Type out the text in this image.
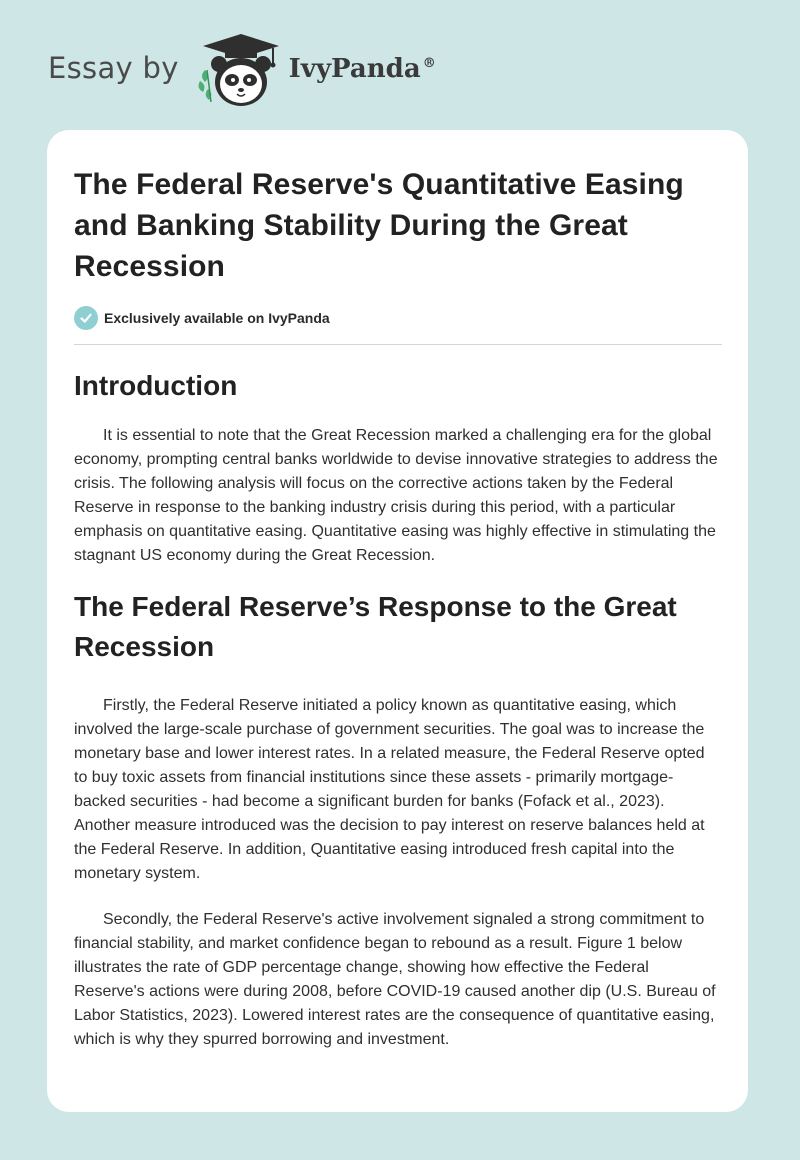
Essay by	IvyPanda ®
The Federal Reserve's Quantitative Easing and Banking Stability During the Great Recession
Exclusively available on IvyPanda
Introduction

It is essential to note that the Great Recession marked a challenging era for the global economy, prompting central banks worldwide to devise innovative strategies to address the crisis. The following analysis will focus on the corrective actions taken by the Federal Reserve in response to the banking industry crisis during this period, with a particular emphasis on quantitative easing. Quantitative easing was highly effective in stimulating the stagnant US economy during the Great Recession.

The Federal Reserve’s Response to the Great Recession

Firstly, the Federal Reserve initiated a policy known as quantitative easing, which involved the large-scale purchase of government securities. The goal was to increase the monetary base and lower interest rates. In a related measure, the Federal Reserve opted to buy toxic assets from financial institutions since these assets - primarily mortgage-backed securities - had become a significant burden for banks (Fofack et al., 2023). Another measure introduced was the decision to pay interest on reserve balances held at the Federal Reserve. In addition, Quantitative easing introduced fresh capital into the monetary system.

Secondly, the Federal Reserve's active involvement signaled a strong commitment to financial stability, and market confidence began to rebound as a result. Figure 1 below illustrates the rate of GDP percentage change, showing how effective the Federal Reserve's actions were during 2008, before COVID-19 caused another dip (U.S. Bureau of Labor Statistics, 2023). Lowered interest rates are the consequence of quantitative easing, which is why they spurred borrowing and investment.
